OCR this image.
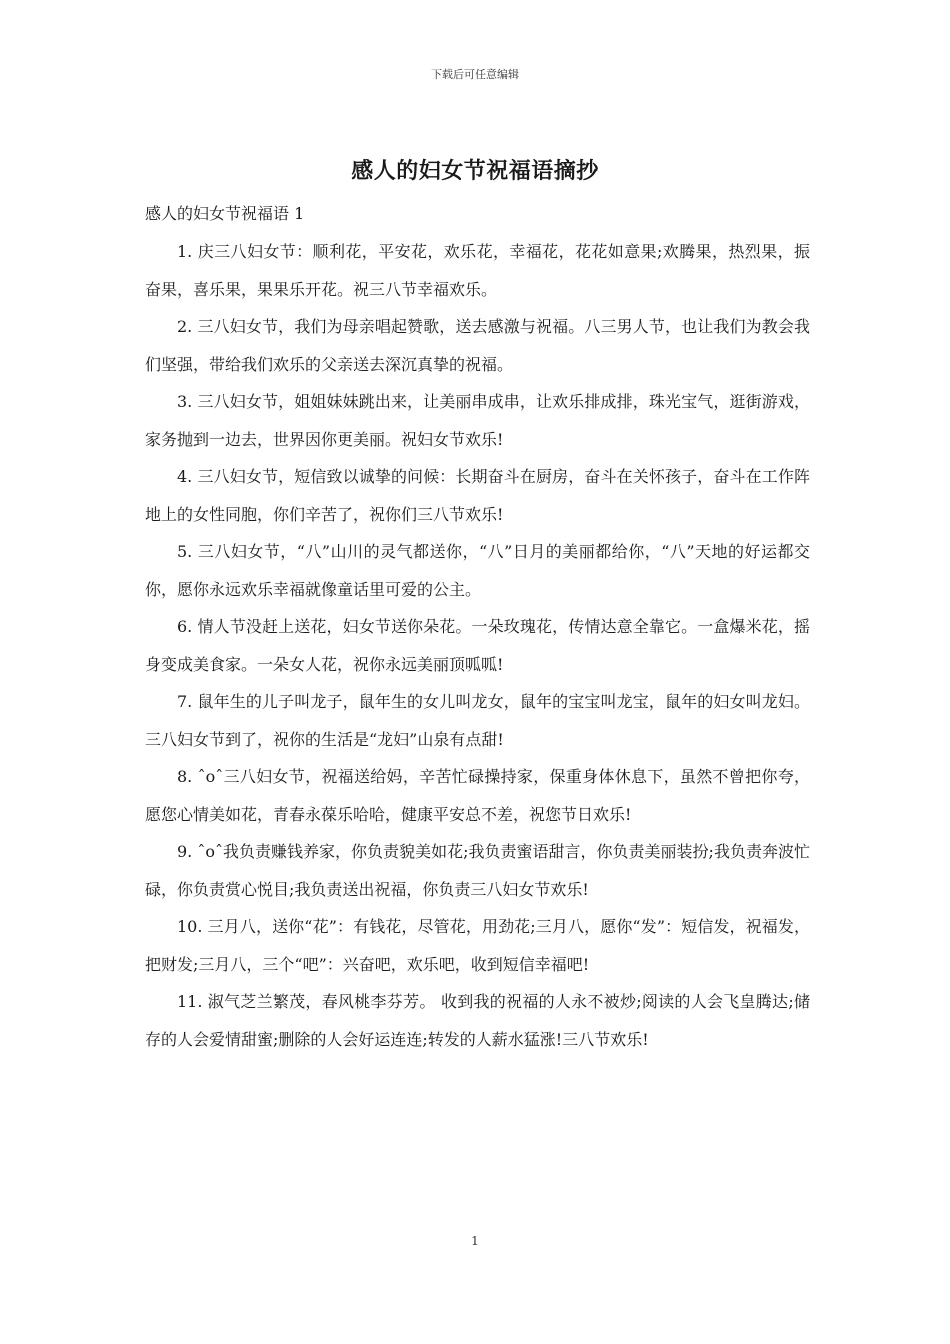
下载后可任意编辑
感人的妇女节祝福语摘抄

感人的妇女节祝福语 1

1. 庆三八妇女节：顺利花，平安花，欢乐花，幸福花，花花如意果;欢腾果，热烈果，振奋果，喜乐果，果果乐开花。祝三八节幸福欢乐。

2. 三八妇女节，我们为母亲唱起赞歌，送去感激与祝福。八三男人节，也让我们为教会我们坚强，带给我们欢乐的父亲送去深沉真挚的祝福。

3. 三八妇女节，姐姐妹妹跳出来，让美丽串成串，让欢乐排成排，珠光宝气，逛街游戏，家务抛到一边去，世界因你更美丽。祝妇女节欢乐!

4. 三八妇女节，短信致以诚挚的问候：长期奋斗在厨房，奋斗在关怀孩子，奋斗在工作阵地上的女性同胞，你们辛苦了，祝你们三八节欢乐!

5. 三八妇女节，“八”山川的灵气都送你，“八”日月的美丽都给你，“八”天地的好运都交你，愿你永远欢乐幸福就像童话里可爱的公主。

6. 情人节没赶上送花，妇女节送你朵花。一朵玫瑰花，传情达意全靠它。一盒爆米花，摇身变成美食家。一朵女人花，祝你永远美丽顶呱呱!

7. 鼠年生的儿子叫龙子，鼠年生的女儿叫龙女，鼠年的宝宝叫龙宝，鼠年的妇女叫龙妇。三八妇女节到了，祝你的生活是“龙妇”山泉有点甜!

8. ˆoˆ三八妇女节，祝福送给妈，辛苦忙碌操持家，保重身体休息下，虽然不曾把你夸，愿您心情美如花，青春永葆乐哈哈，健康平安总不差，祝您节日欢乐!

9. ˆoˆ我负责赚钱养家，你负责貌美如花;我负责蜜语甜言，你负责美丽装扮;我负责奔波忙碌，你负责赏心悦目;我负责送出祝福，你负责三八妇女节欢乐!

10. 三月八，送你“花”：有钱花，尽管花，用劲花;三月八，愿你“发”：短信发，祝福发，把财发;三月八，三个“吧”：兴奋吧，欢乐吧，收到短信幸福吧!

11. 淑气芝兰繁茂，春风桃李芬芳。 收到我的祝福的人永不被炒;阅读的人会飞皇腾达;储存的人会爱情甜蜜;删除的人会好运连连;转发的人薪水猛涨!三八节欢乐!

1
